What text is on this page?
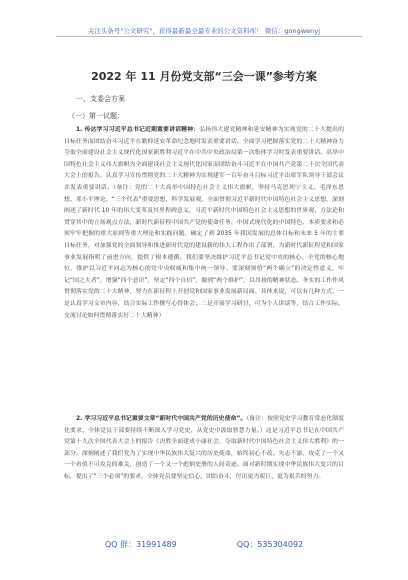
关注头条号"公文研究"，获得最新最全最专业的公文资料库！ 微信：gongwenyj
2022 年 11 月份党支部“三会一课”参考方案
一、支委会方案
（一）第一议题：
1. 传达学习习近平总书记近期重要讲话精神：弘扬伟大建党精神和延安精神为实现党的二十大提出的目标任务而团结奋斗习近平在瞻仰延安革命纪念地时发表重要讲话。全面学习把握落实党的二十大精神奋力夺取全面建设社会主义现代化国家新胜利习近平在中共中央政治局第一次集体学习时发表重要讲话。高举中国特色社会主义伟大旗帜为全面建设社会主义现代化国家而团结奋斗习近平在中国共产党第二十次全国代表大会上的报告。认真学习宣传贯彻党的二十大精神为实现建军一百年奋斗目标习近平出席军队领导干部会议并发表重要讲话。（备注：党的二十大高举中国特色社会主义伟大旗帜，坚持马克思列宁主义、毛泽东思想、邓小平理论、“三个代表”重要思想、科学发展观，全面贯彻习近平新时代中国特色社会主义思想，深刻阐述了新时代 10 年的伟大变革及其里程碑意义，习近平新时代中国特色社会主义思想的世界观、方法论和贯穿其中的立场观点方法，新时代新征程中国共产党的使命任务，中国式现代化的中国特色、本质要求和必须牢牢把握的重大原则等重大理论和实践问题，确定了到 2035 年我国发展的总体目标和未来 5 年的主要目标任务，对加强党的全面领导和推进新时代党的建设新的伟大工程作出了部署，为新时代新征程党和国家事业发展指明了前进方向，提供了根本遵循。我们要坚决维护习近平总书记党中央的核心、全党的核心地位，维护以习近平同志为核心的党中央权威和集中统一领导。要深刻领悟“两个确立”的决定性意义，牢记“国之大者”，增强“四个意识”，坚定“四个自信”，做到“两个维护”，以昂扬的精神状态、务实的工作作风贯彻落实党的二十大精神，努力在新征程上开创党和国家事业发展新局面。具体来说，可以有几种方式，一是认真学习文章内容，结合实际工作撰写心得体会；二是开展学习研讨，可为个人讲谈等，结合工作实际，交流讨论如何贯彻落实好二十大精神）
2. 学习习近平总书记重要文章“新时代中国共产党的历史使命”。（备注：按照党史学习教育常态化制度化要求，全体党员干部要持续不断深入学习党史，从党史中汲取智慧力量。）这是习近平总书记在中国共产党第十九次全国代表大会上的报告《决胜全面建成小康社会，夺取新时代中国特色社会主义伟大胜利》的一部分。深刻阐述了我们党为了实现中华民族伟大复兴的历史使命，始终初心不改、矢志不渝，攻克了一个又一个看似不可攻克的难关，创造了一个又一个彪炳史册的人间奇迹。面对新时期实现中华民族伟大复兴的目标，提出了“三个必须”的要求，全体党员要坚定信心，团结奋斗，付出更为艰巨、更为艰苦的努力。
QQ 群：31991489	QQ：535304092
